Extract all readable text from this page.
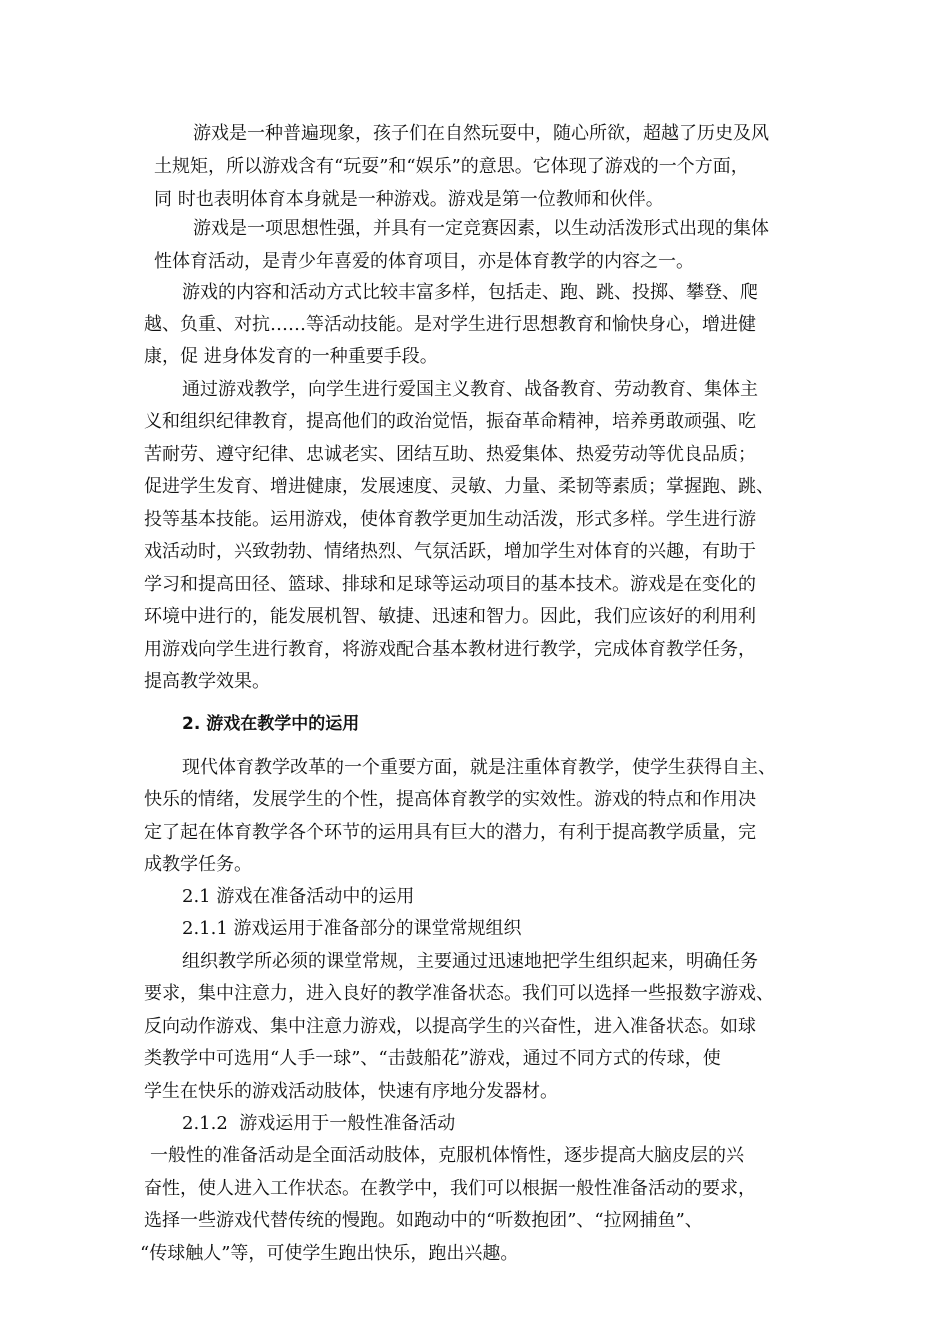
游戏是一种普遍现象，孩子们在自然玩耍中，随心所欲，超越了历史及风
土规矩，所以游戏含有“玩耍”和“娱乐”的意思。它体现了游戏的一个方面，
同 时也表明体育本身就是一种游戏。游戏是第一位教师和伙伴。
游戏是一项思想性强，并具有一定竞赛因素，以生动活泼形式出现的集体
性体育活动，是青少年喜爱的体育项目，亦是体育教学的内容之一。
游戏的内容和活动方式比较丰富多样，包括走、跑、跳、投掷、攀登、爬
越、负重、对抗……等活动技能。是对学生进行思想教育和愉快身心，增进健
康，促 进身体发育的一种重要手段。
通过游戏教学，向学生进行爱国主义教育、战备教育、劳动教育、集体主
义和组织纪律教育，提高他们的政治觉悟，振奋革命精神，培养勇敢顽强、吃
苦耐劳、遵守纪律、忠诚老实、团结互助、热爱集体、热爱劳动等优良品质；
促进学生发育、增进健康，发展速度、灵敏、力量、柔韧等素质；掌握跑、跳、
投等基本技能。运用游戏，使体育教学更加生动活泼，形式多样。学生进行游
戏活动时，兴致勃勃、情绪热烈、气氛活跃，增加学生对体育的兴趣，有助于
学习和提高田径、篮球、排球和足球等运动项目的基本技术。游戏是在变化的
环境中进行的，能发展机智、敏捷、迅速和智力。因此，我们应该好的利用利
用游戏向学生进行教育，将游戏配合基本教材进行教学，完成体育教学任务，
提高教学效果。
2. 游戏在教学中的运用
现代体育教学改革的一个重要方面，就是注重体育教学，使学生获得自主、
快乐的情绪，发展学生的个性，提高体育教学的实效性。游戏的特点和作用决
定了起在体育教学各个环节的运用具有巨大的潜力，有利于提高教学质量，完
成教学任务。
2.1 游戏在准备活动中的运用
2.1.1 游戏运用于准备部分的课堂常规组织
组织教学所必须的课堂常规，主要通过迅速地把学生组织起来，明确任务
要求，集中注意力，进入良好的教学准备状态。我们可以选择一些报数字游戏、
反向动作游戏、集中注意力游戏，以提高学生的兴奋性，进入准备状态。如球
类教学中可选用“人手一球”、“击鼓船花”游戏，通过不同方式的传球，使
学生在快乐的游戏活动肢体，快速有序地分发器材。
2.1.2  游戏运用于一般性准备活动
一般性的准备活动是全面活动肢体，克服机体惰性，逐步提高大脑皮层的兴
奋性，使人进入工作状态。在教学中，我们可以根据一般性准备活动的要求，
选择一些游戏代替传统的慢跑。如跑动中的“听数抱团”、“拉网捕鱼”、
“传球触人”等，可使学生跑出快乐，跑出兴趣。
